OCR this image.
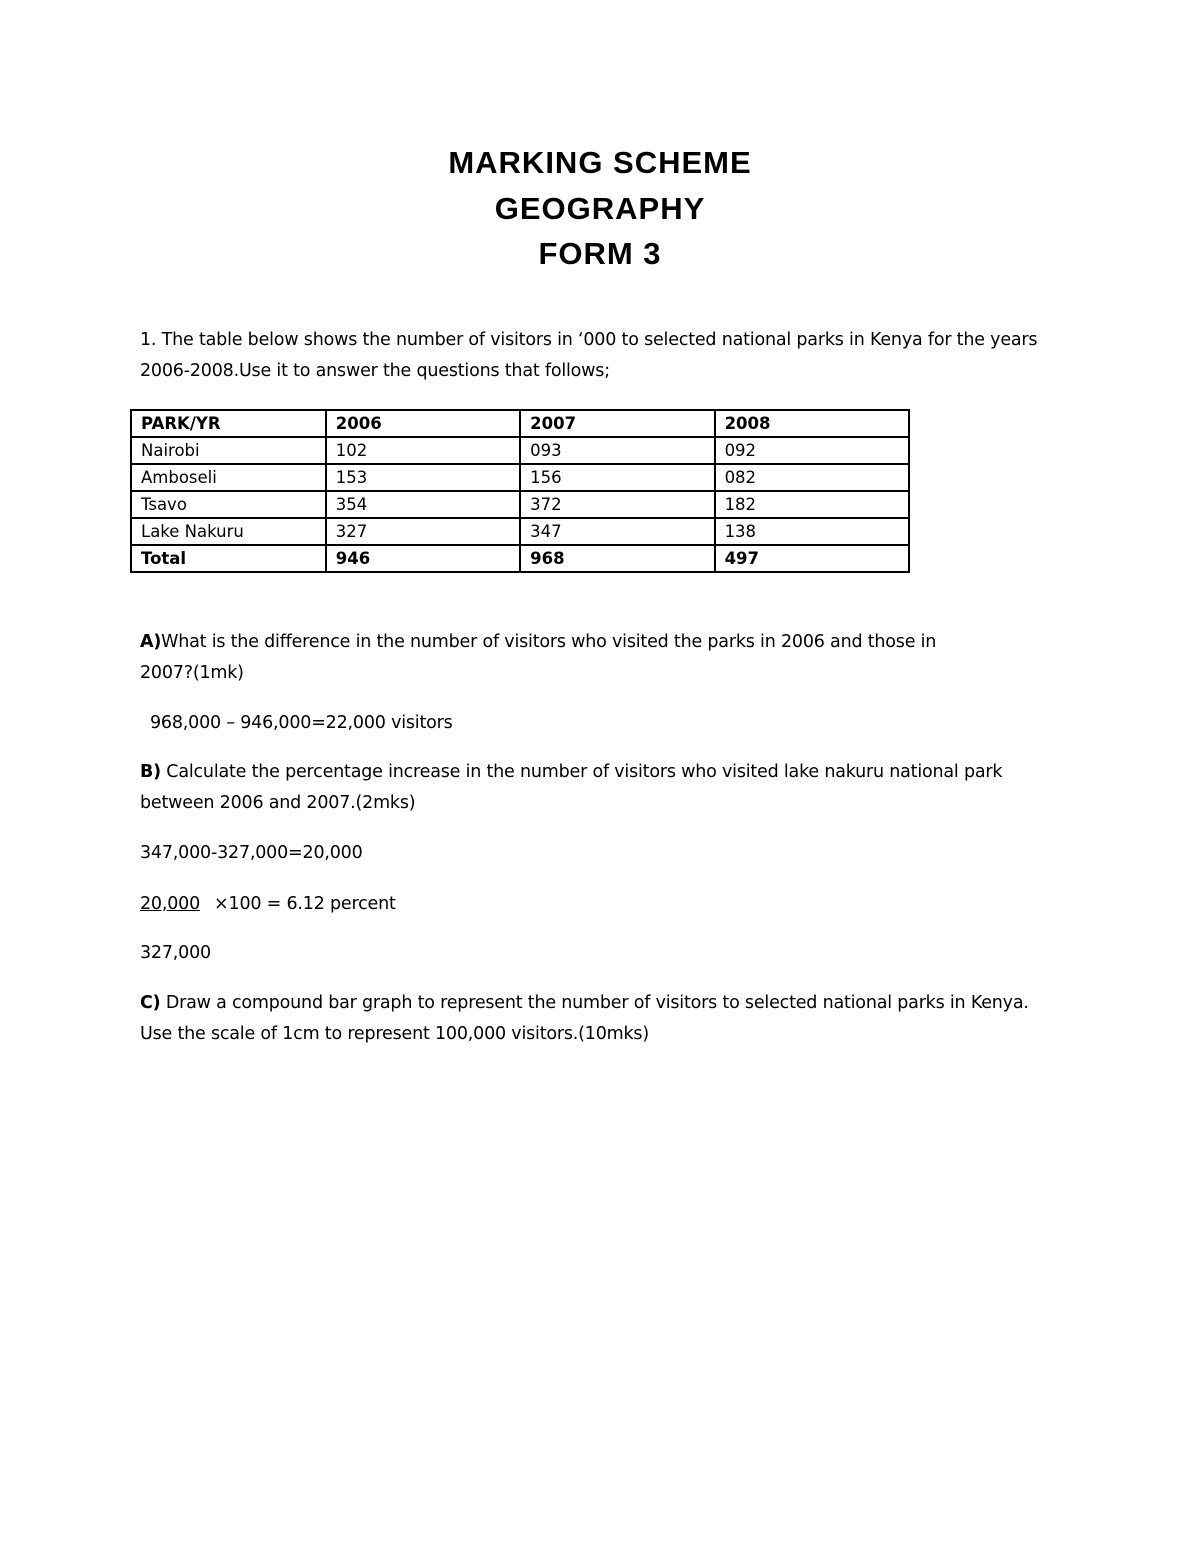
MARKING SCHEME
GEOGRAPHY
FORM 3
1. The table below shows the number of visitors in ‘000 to selected national parks in Kenya for the years
2006-2008.Use it to answer the questions that follows;
PARK/YR	2006	2007	2008
Nairobi	102	093	092
Amboseli	153	156	082
Tsavo	354	372	182
Lake Nakuru	327	347	138
Total	946	968	497
A)What is the difference in the number of visitors who visited the parks in 2006 and those in
2007?(1mk)
968,000 – 946,000=22,000 visitors
B) Calculate the percentage increase in the number of visitors who visited lake nakuru national park
between 2006 and 2007.(2mks)
347,000-327,000=20,000
20,000 ×100 = 6.12 percent
327,000
C) Draw a compound bar graph to represent the number of visitors to selected national parks in Kenya.
Use the scale of 1cm to represent 100,000 visitors.(10mks)
